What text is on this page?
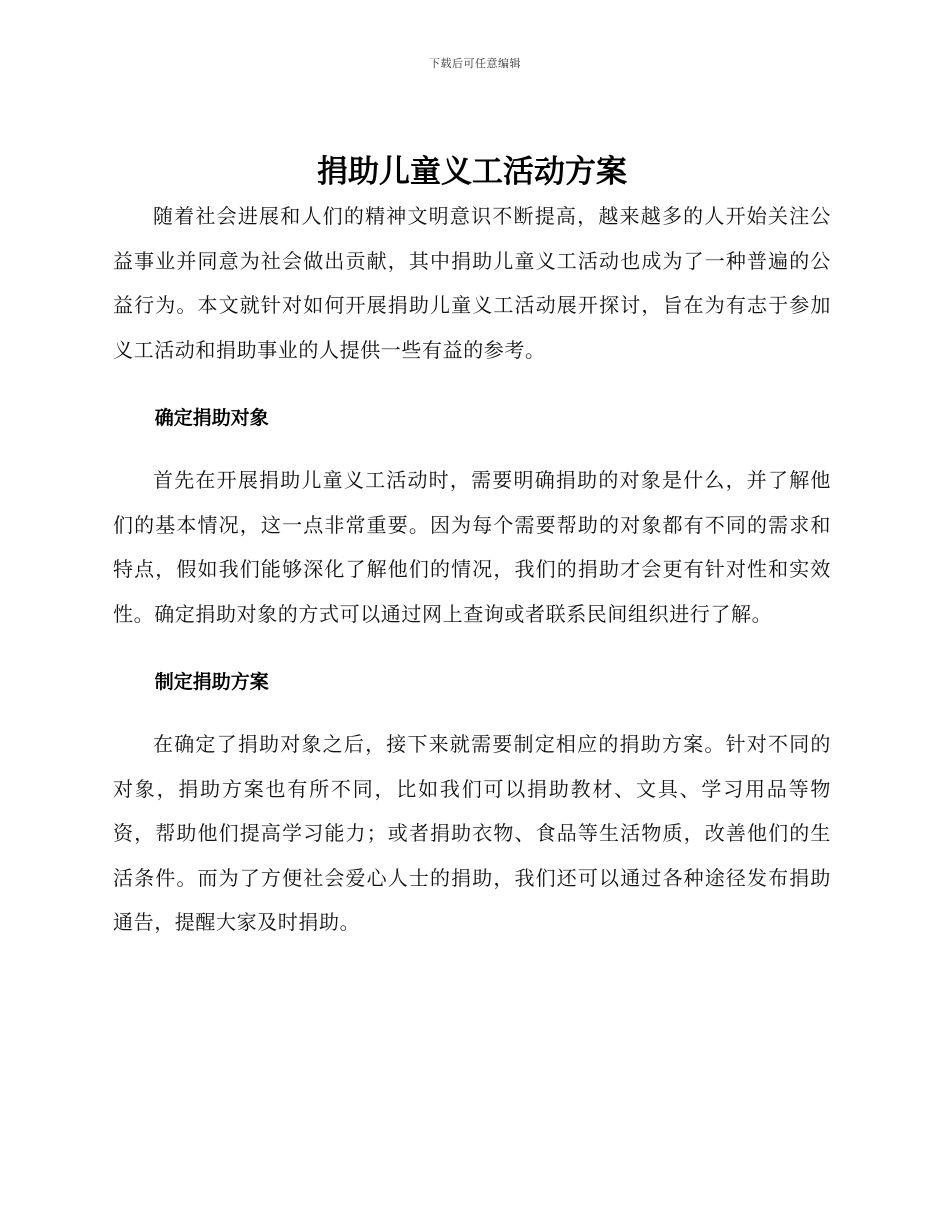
下载后可任意编辑
捐助儿童义工活动方案

随着社会进展和人们的精神文明意识不断提高，越来越多的人开始关注公益事业并同意为社会做出贡献，其中捐助儿童义工活动也成为了一种普遍的公益行为。本文就针对如何开展捐助儿童义工活动展开探讨，旨在为有志于参加义工活动和捐助事业的人提供一些有益的参考。

确定捐助对象

首先在开展捐助儿童义工活动时，需要明确捐助的对象是什么，并了解他们的基本情况，这一点非常重要。因为每个需要帮助的对象都有不同的需求和特点，假如我们能够深化了解他们的情况，我们的捐助才会更有针对性和实效性。确定捐助对象的方式可以通过网上查询或者联系民间组织进行了解。

制定捐助方案

在确定了捐助对象之后，接下来就需要制定相应的捐助方案。针对不同的对象，捐助方案也有所不同，比如我们可以捐助教材、文具、学习用品等物资，帮助他们提高学习能力；或者捐助衣物、食品等生活物质，改善他们的生活条件。而为了方便社会爱心人士的捐助，我们还可以通过各种途径发布捐助通告，提醒大家及时捐助。
